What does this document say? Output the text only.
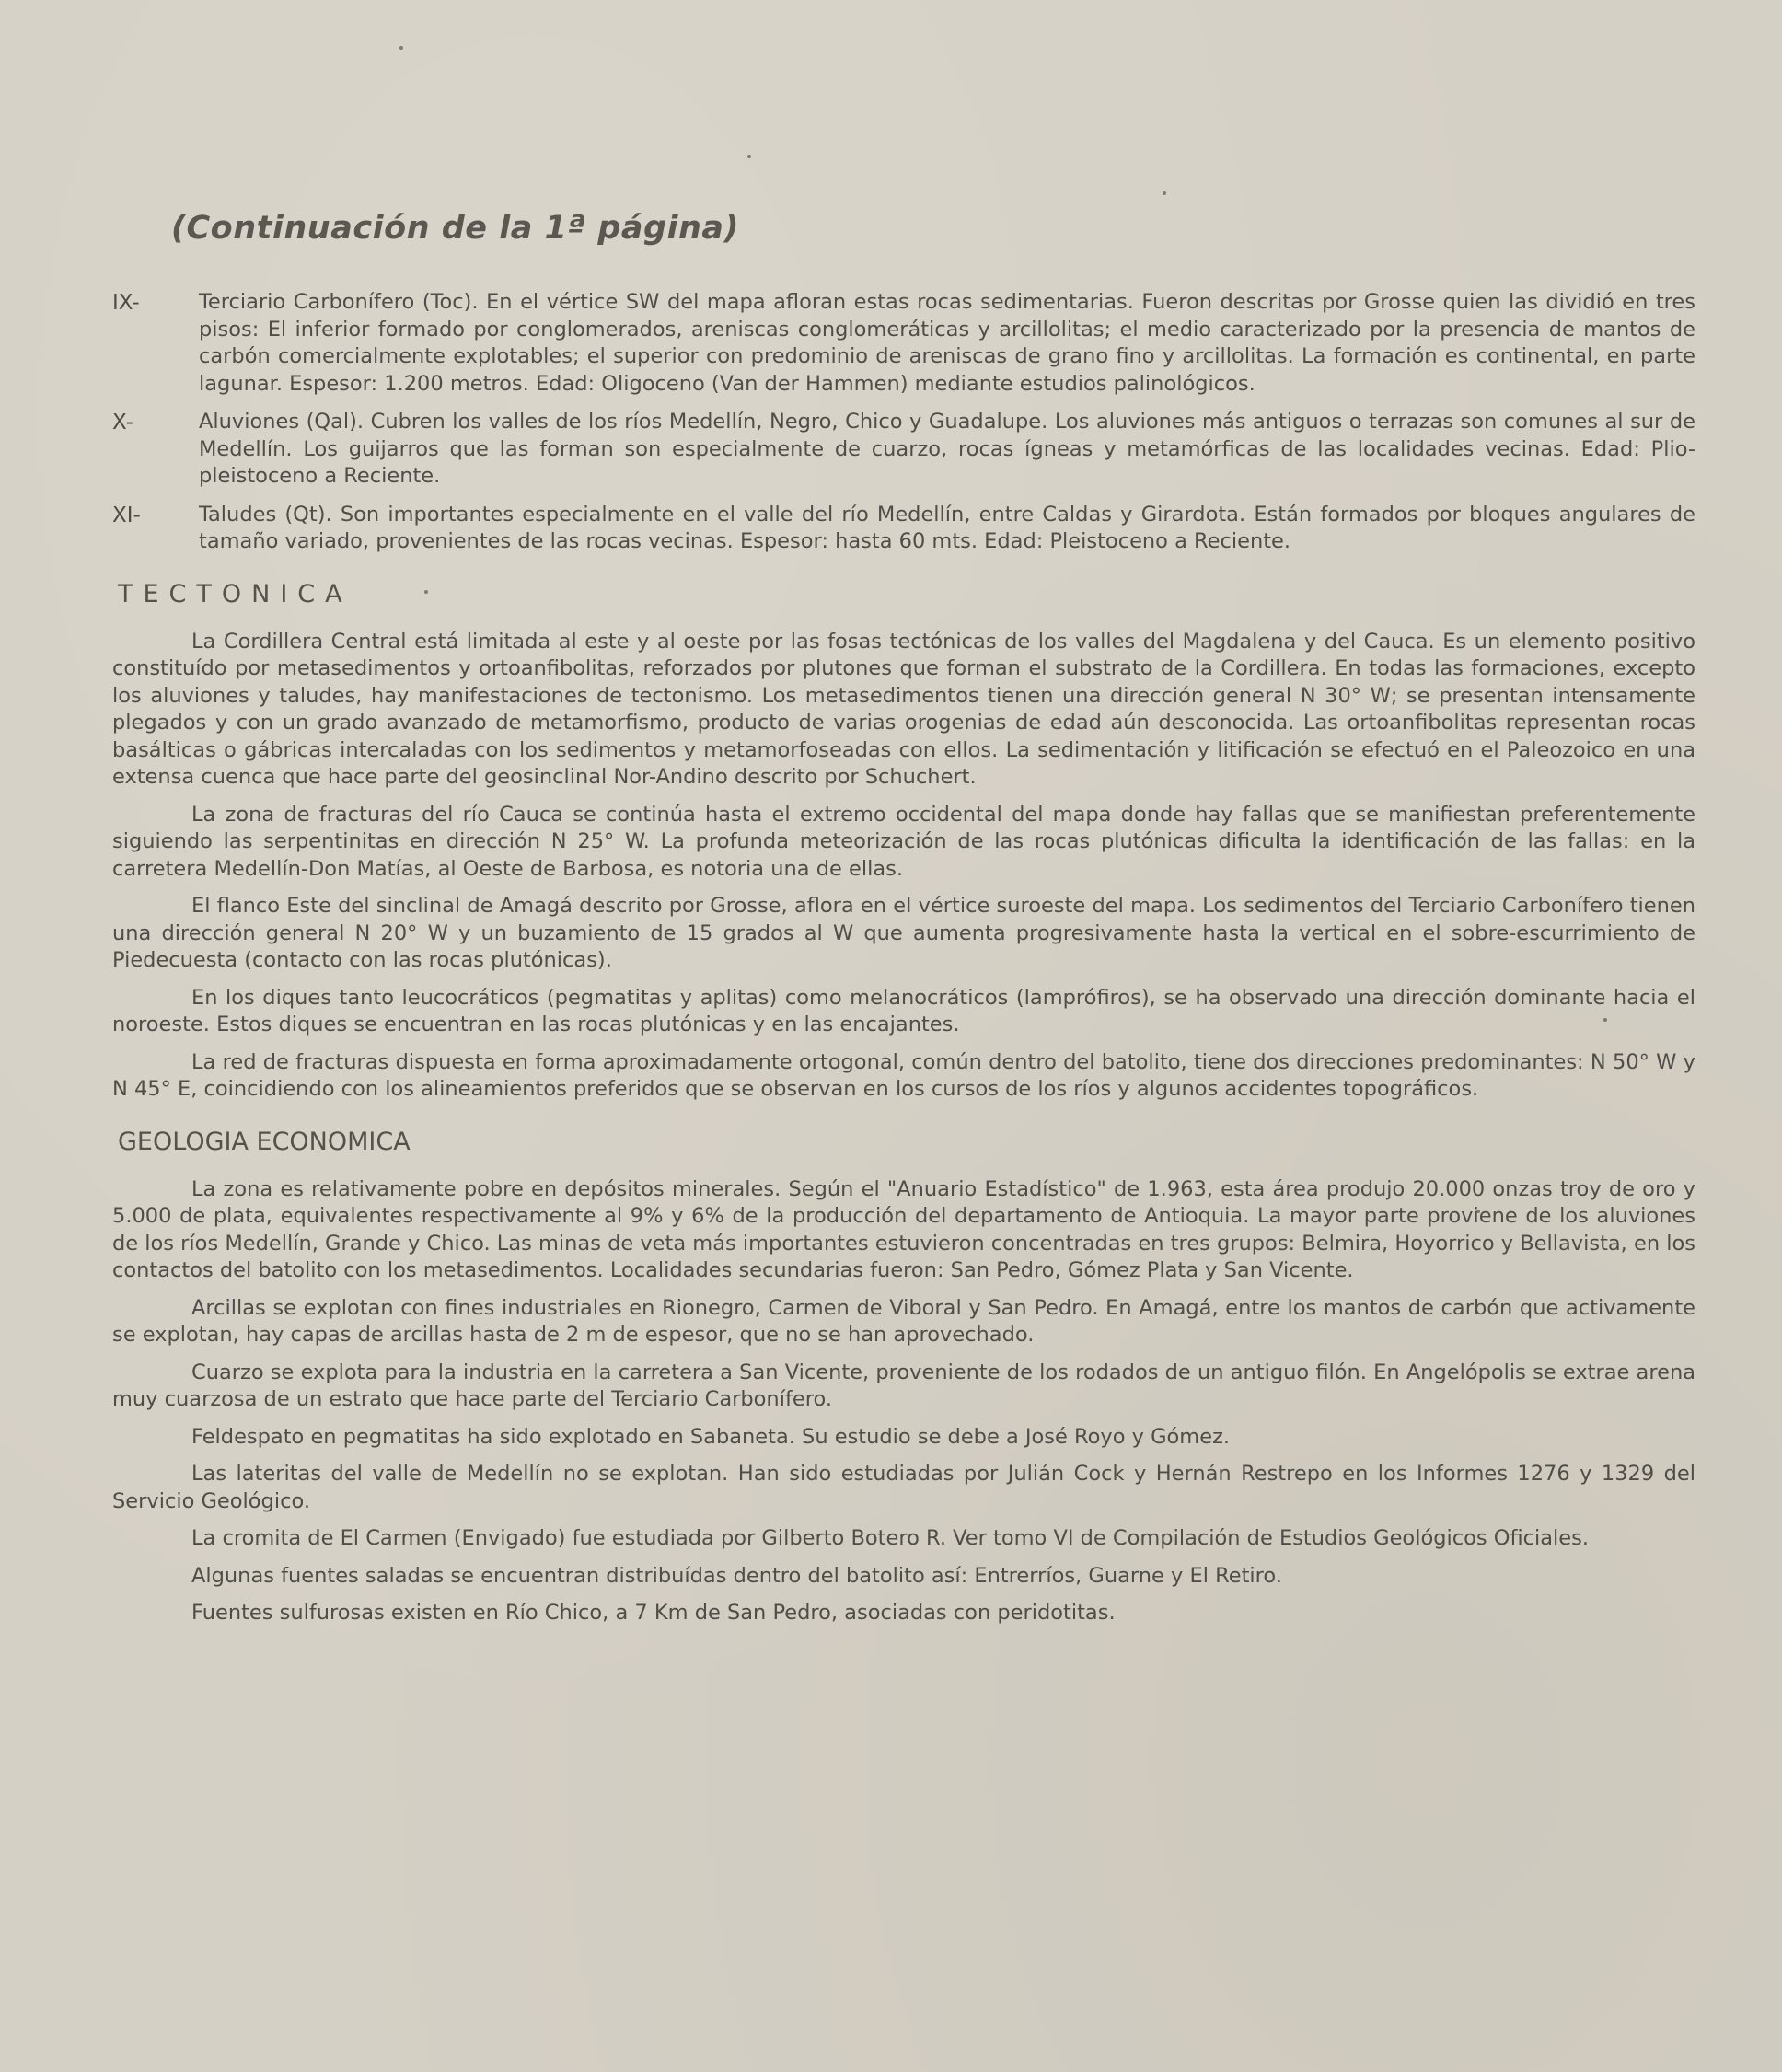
(Continuación de la 1ª página)
IX-	Terciario Carbonífero (Toc). En el vértice SW del mapa afloran estas rocas sedimentarias. Fueron descritas por Grosse quien las dividió en tres pisos: El inferior formado por conglomerados, areniscas conglomeráticas y arcillolitas; el medio caracterizado por la presencia de mantos de carbón comercialmente explotables; el superior con predominio de areniscas de grano fino y arcillolitas. La formación es continental, en parte lagunar. Espesor: 1.200 metros. Edad: Oligoceno (Van der Hammen) mediante estudios palinológicos.
X-	Aluviones (Qal). Cubren los valles de los ríos Medellín, Negro, Chico y Guadalupe. Los aluviones más antiguos o terrazas son comunes al sur de Medellín. Los guijarros que las forman son especialmente de cuarzo, rocas ígneas y metamórficas de las localidades vecinas. Edad: Plio-pleistoceno a Reciente.
XI-	Taludes (Qt). Son importantes especialmente en el valle del río Medellín, entre Caldas y Girardota. Están formados por bloques angulares de tamaño variado, provenientes de las rocas vecinas. Espesor: hasta 60 mts. Edad: Pleistoceno a Reciente.
TECTONICA

La Cordillera Central está limitada al este y al oeste por las fosas tectónicas de los valles del Magdalena y del Cauca. Es un elemento positivo constituído por metasedimentos y ortoanfibolitas, reforzados por plutones que forman el substrato de la Cordillera. En todas las formaciones, excepto los aluviones y taludes, hay manifestaciones de tectonismo. Los metasedimentos tienen una dirección general N 30° W; se presentan intensamente plegados y con un grado avanzado de metamorfismo, producto de varias orogenias de edad aún desconocida. Las ortoanfibolitas representan rocas basálticas o gábricas intercaladas con los sedimentos y metamorfoseadas con ellos. La sedimentación y litificación se efectuó en el Paleozoico en una extensa cuenca que hace parte del geosinclinal Nor-Andino descrito por Schuchert.

La zona de fracturas del río Cauca se continúa hasta el extremo occidental del mapa donde hay fallas que se manifiestan preferentemente siguiendo las serpentinitas en dirección N 25° W. La profunda meteorización de las rocas plutónicas dificulta la identificación de las fallas: en la carretera Medellín-Don Matías, al Oeste de Barbosa, es notoria una de ellas.

El flanco Este del sinclinal de Amagá descrito por Grosse, aflora en el vértice suroeste del mapa. Los sedimentos del Terciario Carbonífero tienen una dirección general N 20° W y un buzamiento de 15 grados al W que aumenta progresivamente hasta la vertical en el sobre-escurrimiento de Piedecuesta (contacto con las rocas plutónicas).

En los diques tanto leucocráticos (pegmatitas y aplitas) como melanocráticos (lamprófiros), se ha observado una dirección dominante hacia el noroeste. Estos diques se encuentran en las rocas plutónicas y en las encajantes.

La red de fracturas dispuesta en forma aproximadamente ortogonal, común dentro del batolito, tiene dos direcciones predominantes: N 50° W y N 45° E, coincidiendo con los alineamientos preferidos que se observan en los cursos de los ríos y algunos accidentes topográficos.

GEOLOGIA ECONOMICA

La zona es relativamente pobre en depósitos minerales. Según el "Anuario Estadístico" de 1.963, esta área produjo 20.000 onzas troy de oro y 5.000 de plata, equivalentes respectivamente al 9% y 6% de la producción del departamento de Antioquia. La mayor parte proviene de los aluviones de los ríos Medellín, Grande y Chico. Las minas de veta más importantes estuvieron concentradas en tres grupos: Belmira, Hoyorrico y Bellavista, en los contactos del batolito con los metasedimentos. Localidades secundarias fueron: San Pedro, Gómez Plata y San Vicente.

Arcillas se explotan con fines industriales en Rionegro, Carmen de Viboral y San Pedro. En Amagá, entre los mantos de carbón que activamente se explotan, hay capas de arcillas hasta de 2 m de espesor, que no se han aprovechado.

Cuarzo se explota para la industria en la carretera a San Vicente, proveniente de los rodados de un antiguo filón. En Angelópolis se extrae arena muy cuarzosa de un estrato que hace parte del Terciario Carbonífero.

Feldespato en pegmatitas ha sido explotado en Sabaneta. Su estudio se debe a José Royo y Gómez.

Las lateritas del valle de Medellín no se explotan. Han sido estudiadas por Julián Cock y Hernán Restrepo en los Informes 1276 y 1329 del Servicio Geológico.

La cromita de El Carmen (Envigado) fue estudiada por Gilberto Botero R. Ver tomo VI de Compilación de Estudios Geológicos Oficiales.

Algunas fuentes saladas se encuentran distribuídas dentro del batolito así: Entrerríos, Guarne y El Retiro.

Fuentes sulfurosas existen en Río Chico, a 7 Km de San Pedro, asociadas con peridotitas.
